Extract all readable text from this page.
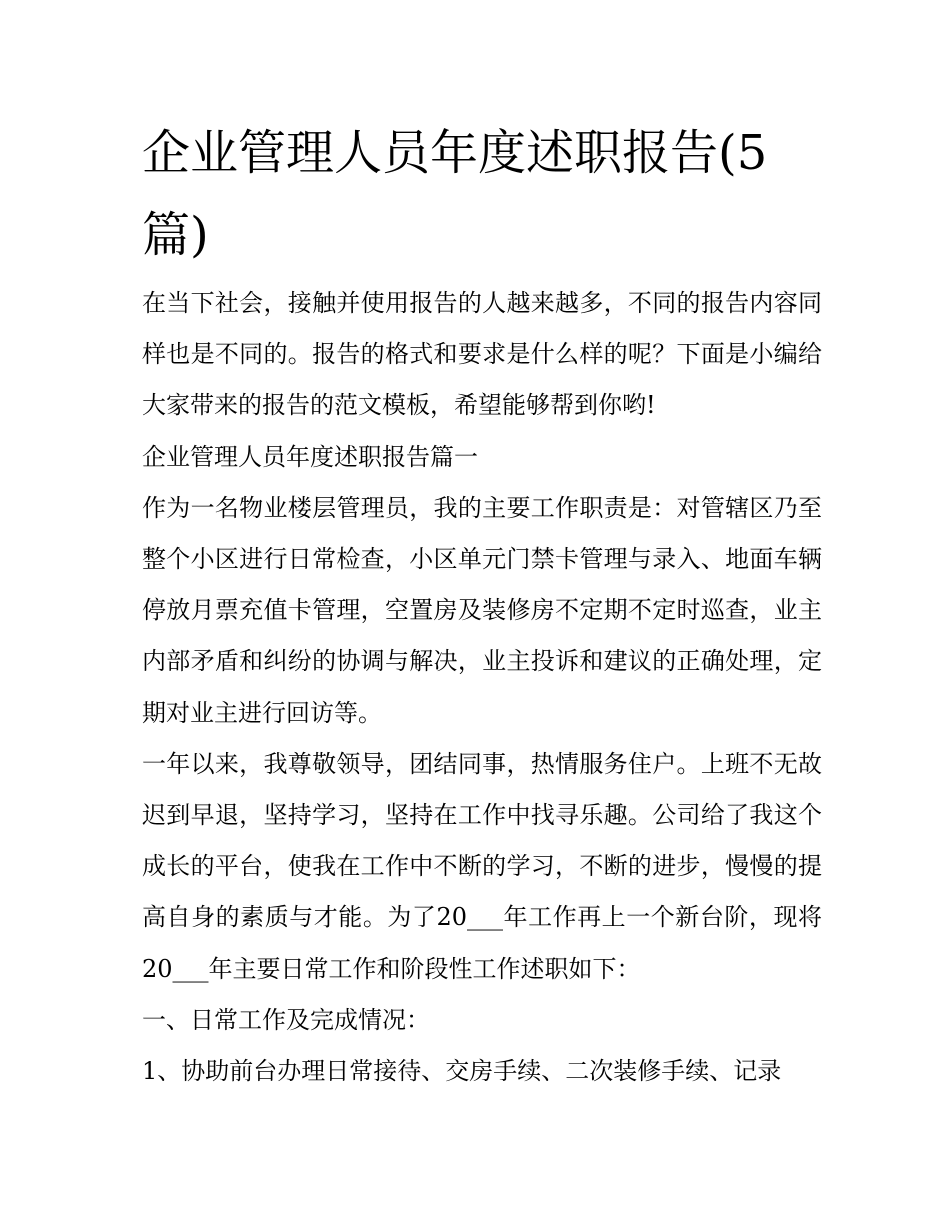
企业管理人员年度述职报告(5篇)

在当下社会，接触并使用报告的人越来越多，不同的报告内容同样也是不同的。报告的格式和要求是什么样的呢？下面是小编给大家带来的报告的范文模板，希望能够帮到你哟!

企业管理人员年度述职报告篇一

作为一名物业楼层管理员，我的主要工作职责是：对管辖区乃至整个小区进行日常检查，小区单元门禁卡管理与录入、地面车辆停放月票充值卡管理，空置房及装修房不定期不定时巡查，业主内部矛盾和纠纷的协调与解决，业主投诉和建议的正确处理，定期对业主进行回访等。

一年以来，我尊敬领导，团结同事，热情服务住户。上班不无故迟到早退，坚持学习，坚持在工作中找寻乐趣。公司给了我这个成长的平台，使我在工作中不断的学习，不断的进步，慢慢的提高自身的素质与才能。为了20___年工作再上一个新台阶，现将20___年主要日常工作和阶段性工作述职如下：

一、日常工作及完成情况：

1、协助前台办理日常接待、交房手续、二次装修手续、记录
